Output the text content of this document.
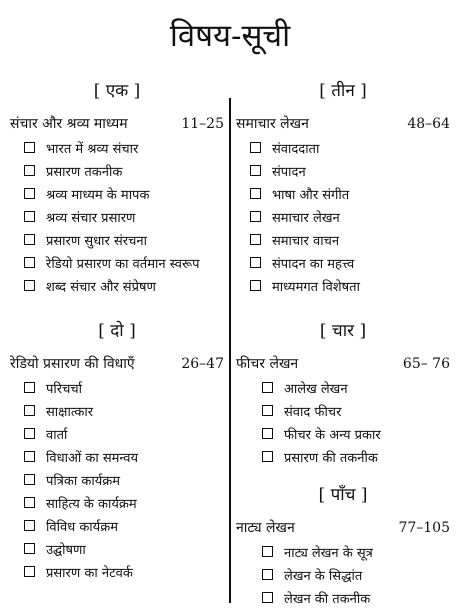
विषय-सूची
[ एक ]
संचार और श्रव्य माध्यम	11–25
भारत में श्रव्य संचार
प्रसारण तकनीक
श्रव्य माध्यम के मापक
श्रव्य संचार प्रसारण
प्रसारण सुधार संरचना
रेडियो प्रसारण का वर्तमान स्वरूप
शब्द संचार और संप्रेषण
[ तीन ]
समाचार लेखन	48–64
संवाददाता
संपादन
भाषा और संगीत
समाचार लेखन
समाचार वाचन
संपादन का महत्त्व
माध्यमगत विशेषता
[ दो ]
रेडियो प्रसारण की विधाएँ	26–47
परिचर्चा
साक्षात्कार
वार्ता
विधाओं का समन्वय
पत्रिका कार्यक्रम
साहित्य के कार्यक्रम
विविध कार्यक्रम
उद्घोषणा
प्रसारण का नेटवर्क
[ चार ]
फीचर लेखन	65– 76
आलेख लेखन
संवाद फीचर
फीचर के अन्य प्रकार
प्रसारण की तकनीक
[ पाँच ]
नाट्य लेखन	77–105
नाट्य लेखन के सूत्र
लेखन के सिद्धांत
लेखन की तकनीक
